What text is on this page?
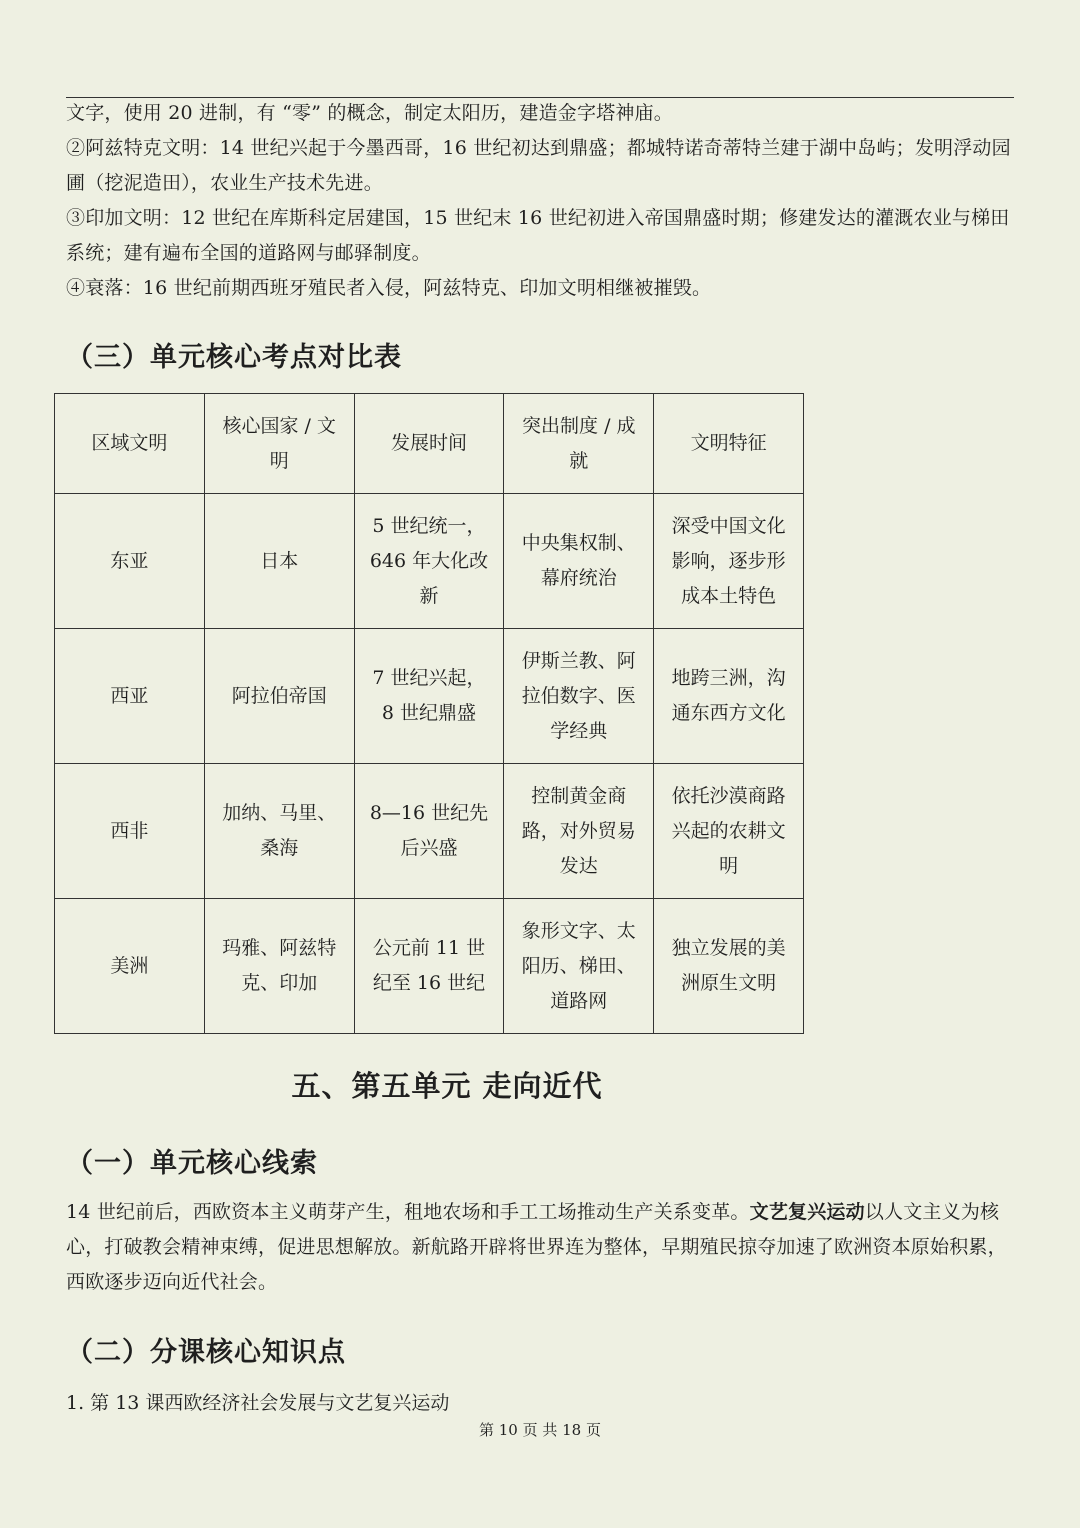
文字，使用 20 进制，有 “零” 的概念，制定太阳历，建造金字塔神庙。

②阿兹特克文明：14 世纪兴起于今墨西哥，16 世纪初达到鼎盛；都城特诺奇蒂特兰建于湖中岛屿；发明浮动园圃（挖泥造田），农业生产技术先进。

③印加文明：12 世纪在库斯科定居建国，15 世纪末 16 世纪初进入帝国鼎盛时期；修建发达的灌溉农业与梯田系统；建有遍布全国的道路网与邮驿制度。

④衰落：16 世纪前期西班牙殖民者入侵，阿兹特克、印加文明相继被摧毁。

（三）单元核心考点对比表
区域文明	核心国家 / 文明	发展时间	突出制度 / 成就	文明特征
东亚	日本	5 世纪统一，646 年大化改新	中央集权制、幕府统治	深受中国文化影响，逐步形成本土特色
西亚	阿拉伯帝国	7 世纪兴起，8 世纪鼎盛	伊斯兰教、阿拉伯数字、医学经典	地跨三洲，沟通东西方文化
西非	加纳、马里、桑海	8—16 世纪先后兴盛	控制黄金商路，对外贸易发达	依托沙漠商路兴起的农耕文明
美洲	玛雅、阿兹特克、印加	公元前 11 世纪至 16 世纪	象形文字、太阳历、梯田、道路网	独立发展的美洲原生文明
五、第五单元 走向近代
（一）单元核心线索

14 世纪前后，西欧资本主义萌芽产生，租地农场和手工工场推动生产关系变革。文艺复兴运动以人文主义为核心，打破教会精神束缚，促进思想解放。新航路开辟将世界连为整体，早期殖民掠夺加速了欧洲资本原始积累，西欧逐步迈向近代社会。

（二）分课核心知识点

1. 第 13 课西欧经济社会发展与文艺复兴运动

第 10 页 共 18 页
